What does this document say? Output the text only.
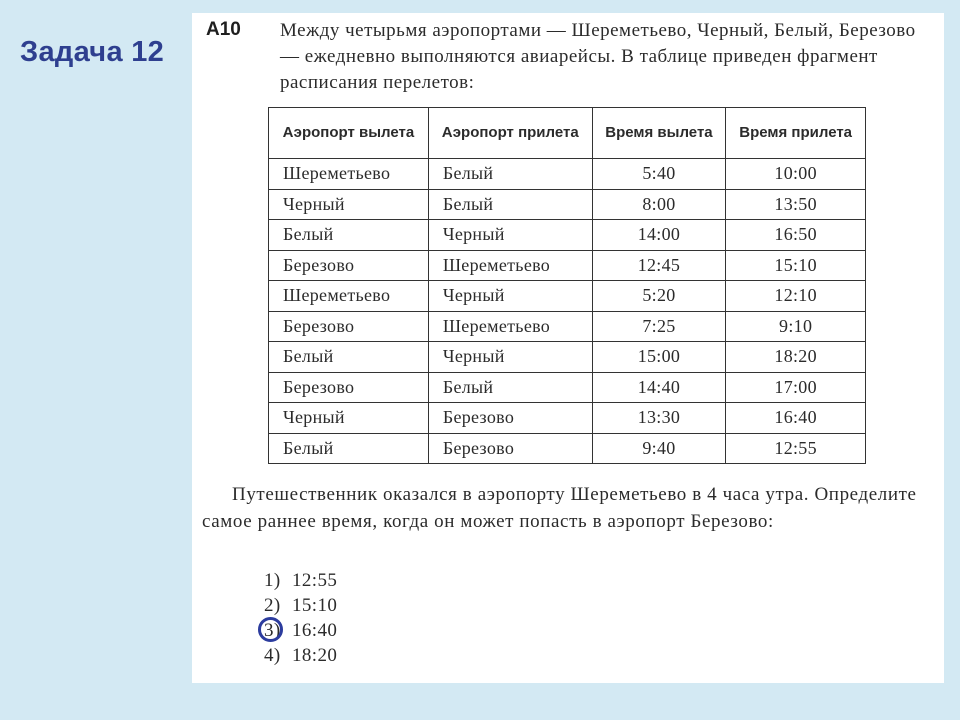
Задача 12
А10 Между четырьмя аэропортами — Шереметьево, Черный, Белый, Березово — ежедневно выполняются авиарейсы. В таблице приведен фрагмент расписания перелетов:
Аэропорт вылета	Аэропорт прилета	Время вылета	Время прилета
Шереметьево	Белый	5:40	10:00
Черный	Белый	8:00	13:50
Белый	Черный	14:00	16:50
Березово	Шереметьево	12:45	15:10
Шереметьево	Черный	5:20	12:10
Березово	Шереметьево	7:25	9:10
Белый	Черный	15:00	18:20
Березово	Белый	14:40	17:00
Черный	Березово	13:30	16:40
Белый	Березово	9:40	12:55
Путешественник оказался в аэропорту Шереметьево в 4 часа утра. Определите самое раннее время, когда он может попасть в аэропорт Березово:
1) 12:55
2) 15:10
3) 16:40
4) 18:20
